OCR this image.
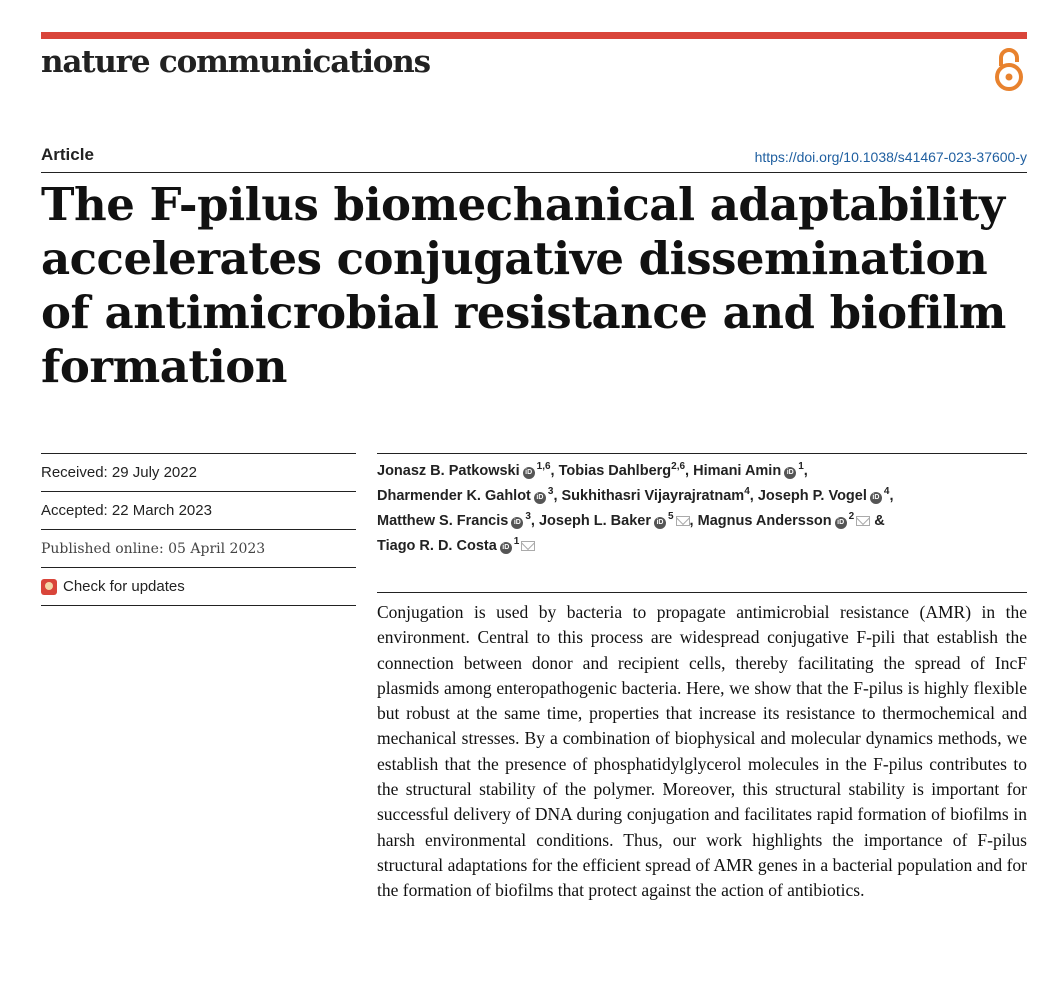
nature communications
Article	https://doi.org/10.1038/s41467-023-37600-y
The F-pilus biomechanical adaptability accelerates conjugative dissemination of antimicrobial resistance and biofilm formation
Received: 29 July 2022
Accepted: 22 March 2023
Published online: 05 April 2023
Check for updates

Jonasz B. Patkowski iD$^{1,6}$, Tobias Dahlberg$^{2,6}$, Himani Amin $iD^1$,
Dharmender K. Gahlot $iD^3$, Sukhithasri Vijayrajratnam$^4$, Joseph P. Vogel $iD^4$,
Matthew S. Francis $iD^3$, Joseph L. Baker $iD^5$ , Magnus Andersson $iD^2$ &
Tiago R. D. Costa $iD^1$

Conjugation is used by bacteria to propagate antimicrobial resistance (AMR) in the environment. Central to this process are widespread conjugative F-pili that establish the connection between donor and recipient cells, thereby facilitating the spread of IncF plasmids among enteropathogenic bacteria. Here, we show that the F-pilus is highly flexible but robust at the same time, properties that increase its resistance to thermochemical and mechanical stresses. By a combination of biophysical and molecular dynamics methods, we establish that the presence of phosphatidylglycerol molecules in the F-pilus contributes to the structural stability of the polymer. Moreover, this structural stability is important for successful delivery of DNA during conjugation and facilitates rapid formation of biofilms in harsh environmental conditions. Thus, our work highlights the importance of F-pilus structural adaptations for the efficient spread of AMR genes in a bacterial population and for the formation of biofilms that protect against the action of antibiotics.
